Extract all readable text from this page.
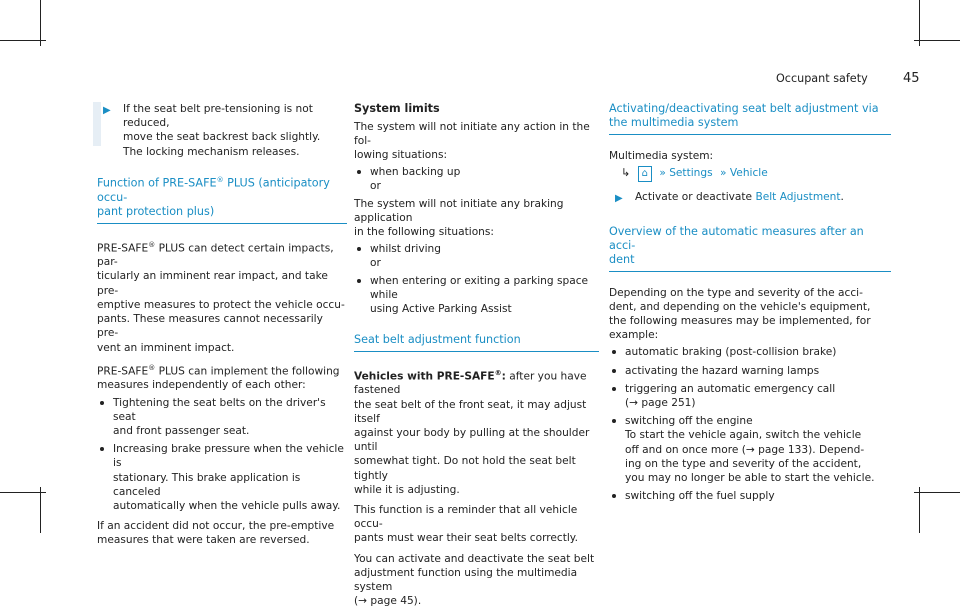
Occupant safety	45
▶ If the seat belt pre-tensioning is not reduced,
move the seat backrest back slightly.
The locking mechanism releases.
Function of PRE-SAFE® PLUS (anticipatory occu-
pant protection plus)

PRE-SAFE® PLUS can detect certain impacts, par-
ticularly an imminent rear impact, and take pre-
emptive measures to protect the vehicle occu-
pants. These measures cannot necessarily pre-
vent an imminent impact.

PRE-SAFE® PLUS can implement the following
measures independently of each other:

Tightening the seat belts on the driver's seat
and front passenger seat.
Increasing brake pressure when the vehicle is
stationary. This brake application is canceled
automatically when the vehicle pulls away.

If an accident did not occur, the pre-emptive
measures that were taken are reversed.

System limits

The system will not initiate any action in the fol-
lowing situations:

when backing up
or

The system will not initiate any braking application
in the following situations:

whilst driving
or
when entering or exiting a parking space while
using Active Parking Assist
Seat belt adjustment function

Vehicles with PRE-SAFE®: after you have fastened
the seat belt of the front seat, it may adjust itself
against your body by pulling at the shoulder until
somewhat tight. Do not hold the seat belt tightly
while it is adjusting.

This function is a reminder that all vehicle occu-
pants must wear their seat belts correctly.

You can activate and deactivate the seat belt
adjustment function using the multimedia system
(→ page 45).

Activating/deactivating seat belt adjustment via
the multimedia system
Multimedia system:
↳ ⌂ » Settings » Vehicle
▶ Activate or deactivate Belt Adjustment.
Overview of the automatic measures after an acci-
dent

Depending on the type and severity of the acci-
dent, and depending on the vehicle's equipment,
the following measures may be implemented, for
example:

automatic braking (post-collision brake)
activating the hazard warning lamps
triggering an automatic emergency call
(→ page 251)
switching off the engine
To start the vehicle again, switch the vehicle
off and on once more (→ page 133). Depend-
ing on the type and severity of the accident,
you may no longer be able to start the vehicle.
switching off the fuel supply
